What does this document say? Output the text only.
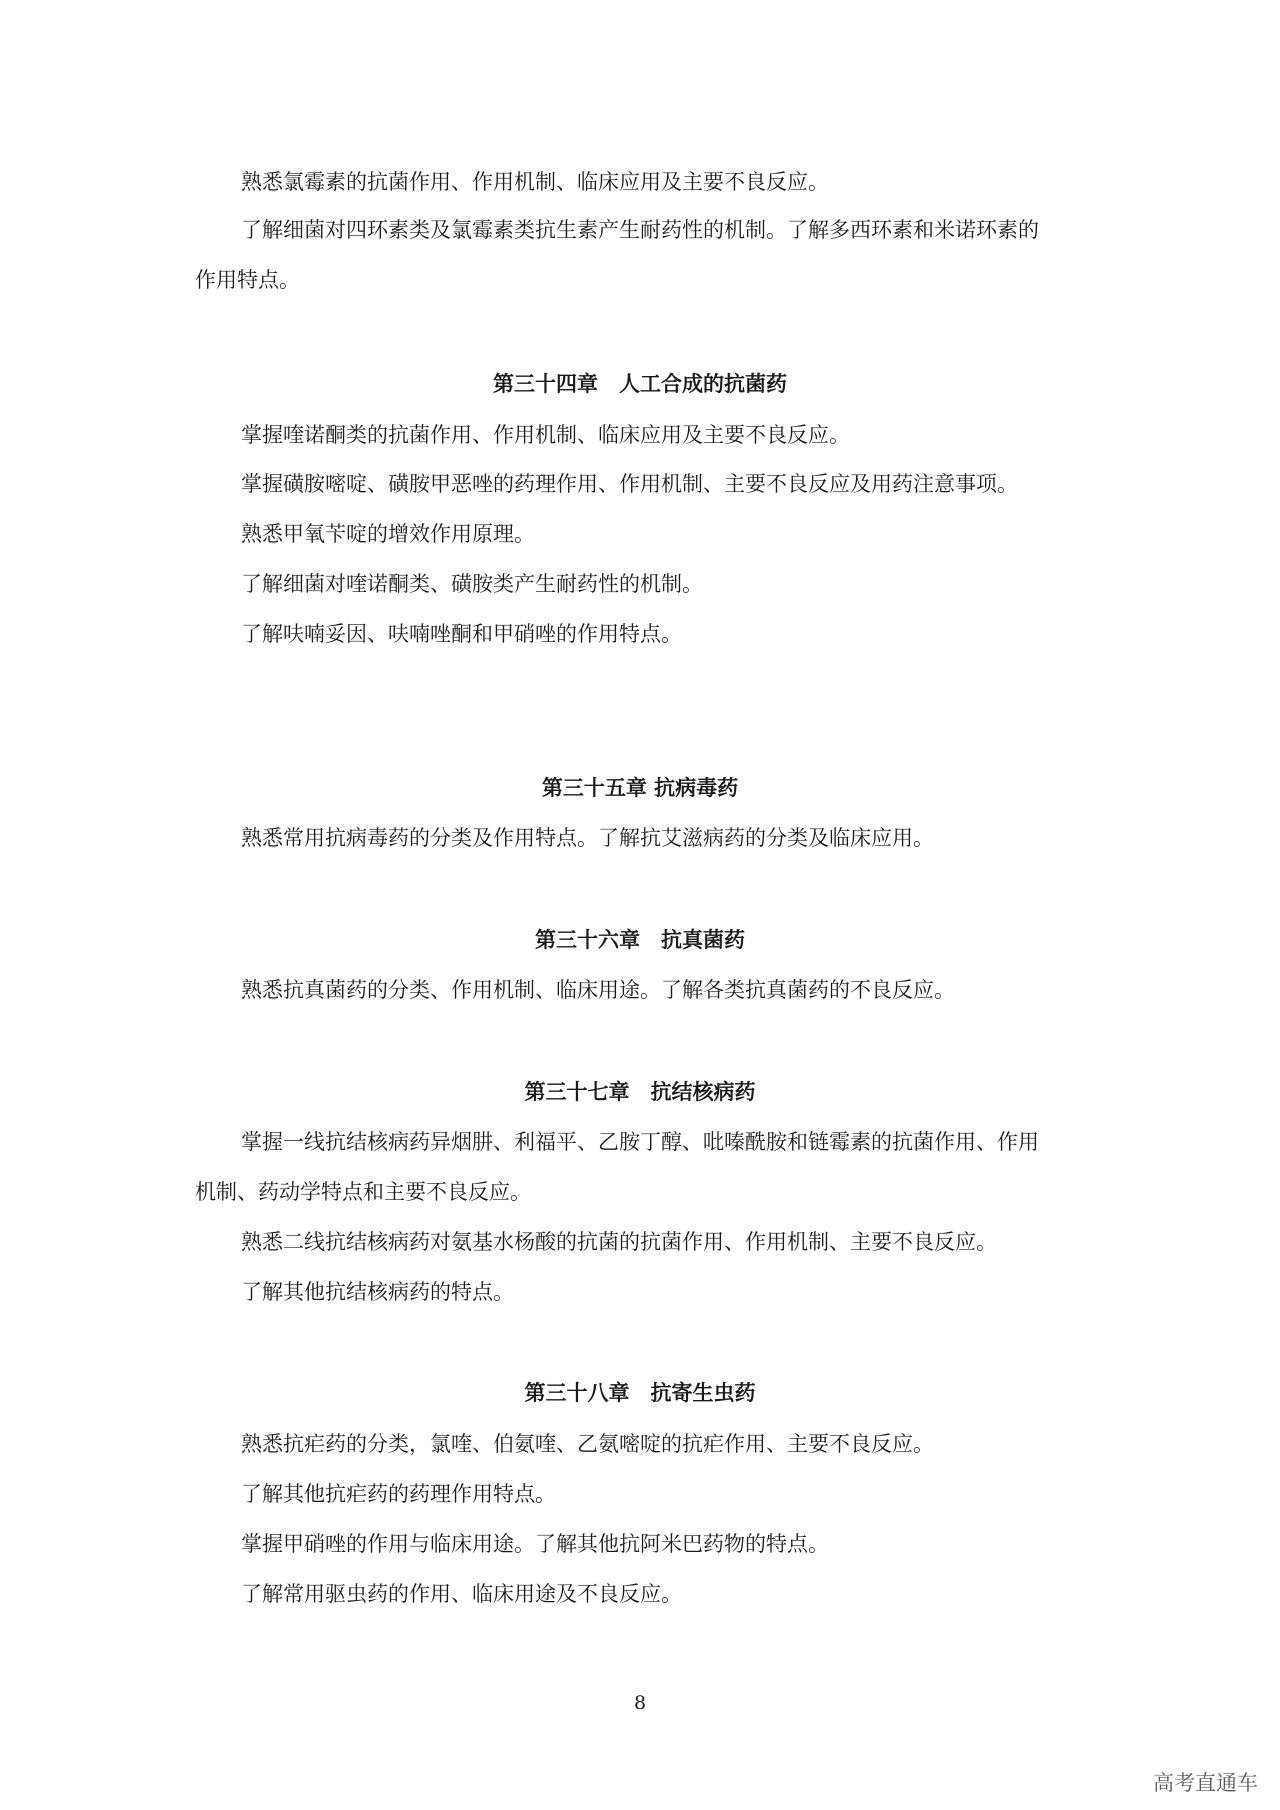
熟悉氯霉素的抗菌作用、作用机制、临床应用及主要不良反应。

了解细菌对四环素类及氯霉素类抗生素产生耐药性的机制。了解多西环素和米诺环素的

作用特点。

第三十四章　人工合成的抗菌药

掌握喹诺酮类的抗菌作用、作用机制、临床应用及主要不良反应。

掌握磺胺嘧啶、磺胺甲恶唑的药理作用、作用机制、主要不良反应及用药注意事项。

熟悉甲氧苄啶的增效作用原理。

了解细菌对喹诺酮类、磺胺类产生耐药性的机制。

了解呋喃妥因、呋喃唑酮和甲硝唑的作用特点。

第三十五章 抗病毒药

熟悉常用抗病毒药的分类及作用特点。了解抗艾滋病药的分类及临床应用。

第三十六章　抗真菌药

熟悉抗真菌药的分类、作用机制、临床用途。了解各类抗真菌药的不良反应。

第三十七章　抗结核病药

掌握一线抗结核病药异烟肼、利福平、乙胺丁醇、吡嗪酰胺和链霉素的抗菌作用、作用

机制、药动学特点和主要不良反应。

熟悉二线抗结核病药对氨基水杨酸的抗菌的抗菌作用、作用机制、主要不良反应。

了解其他抗结核病药的特点。

第三十八章　抗寄生虫药

熟悉抗疟药的分类，氯喹、伯氨喹、乙氨嘧啶的抗疟作用、主要不良反应。

了解其他抗疟药的药理作用特点。

掌握甲硝唑的作用与临床用途。了解其他抗阿米巴药物的特点。

了解常用驱虫药的作用、临床用途及不良反应。

8
高考直通车
